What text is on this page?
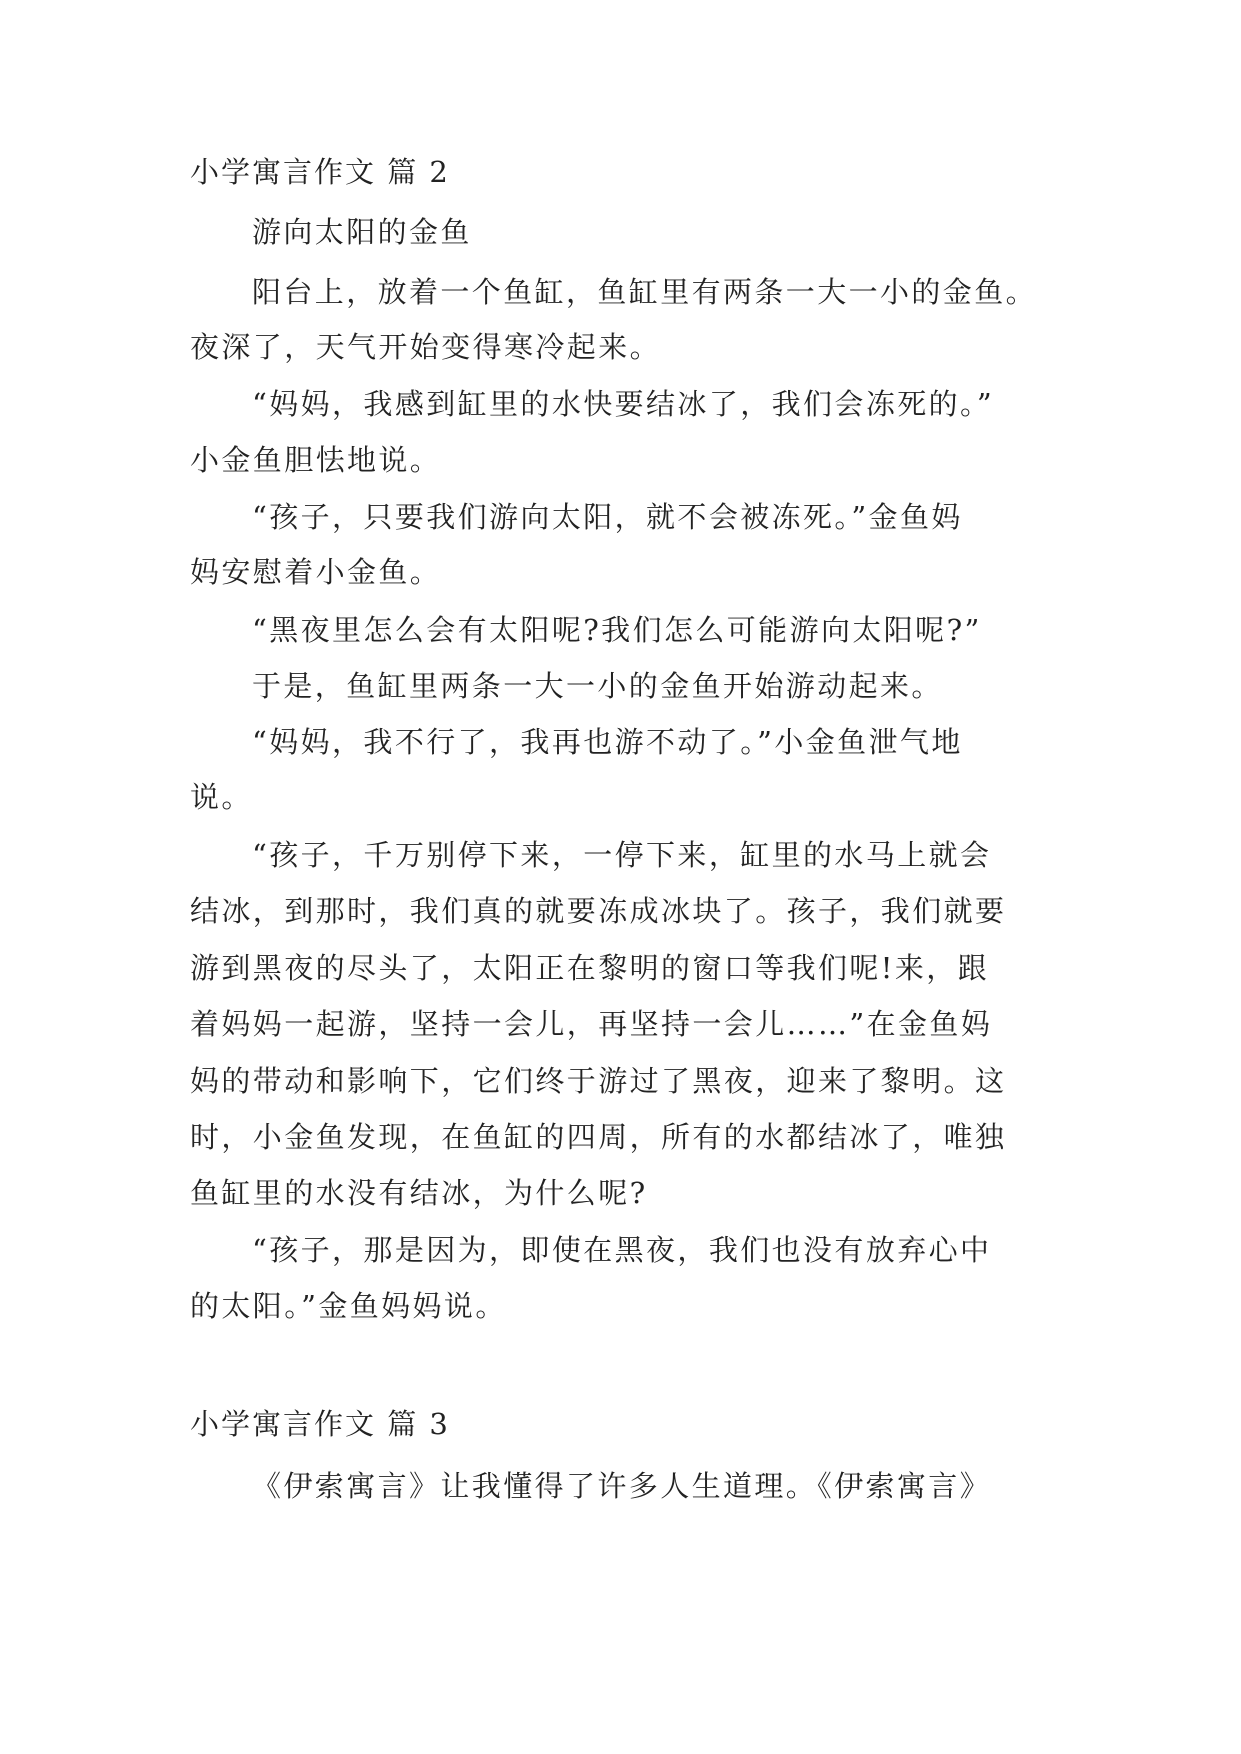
小学寓言作文 篇 2
游向太阳的金鱼
阳台上，放着一个鱼缸，鱼缸里有两条一大一小的金鱼。
夜深了，天气开始变得寒冷起来。
“妈妈，我感到缸里的水快要结冰了，我们会冻死的。”
小金鱼胆怯地说。
“孩子，只要我们游向太阳，就不会被冻死。”金鱼妈
妈安慰着小金鱼。
“黑夜里怎么会有太阳呢?我们怎么可能游向太阳呢?”
于是，鱼缸里两条一大一小的金鱼开始游动起来。
“妈妈，我不行了，我再也游不动了。”小金鱼泄气地
说。
“孩子，千万别停下来，一停下来，缸里的水马上就会
结冰，到那时，我们真的就要冻成冰块了。孩子，我们就要
游到黑夜的尽头了，太阳正在黎明的窗口等我们呢!来，跟
着妈妈一起游，坚持一会儿，再坚持一会儿……”在金鱼妈
妈的带动和影响下，它们终于游过了黑夜，迎来了黎明。这
时，小金鱼发现，在鱼缸的四周，所有的水都结冰了，唯独
鱼缸里的水没有结冰，为什么呢?
“孩子，那是因为，即使在黑夜，我们也没有放弃心中
的太阳。”金鱼妈妈说。
小学寓言作文 篇 3
《伊索寓言》让我懂得了许多人生道理。《伊索寓言》
